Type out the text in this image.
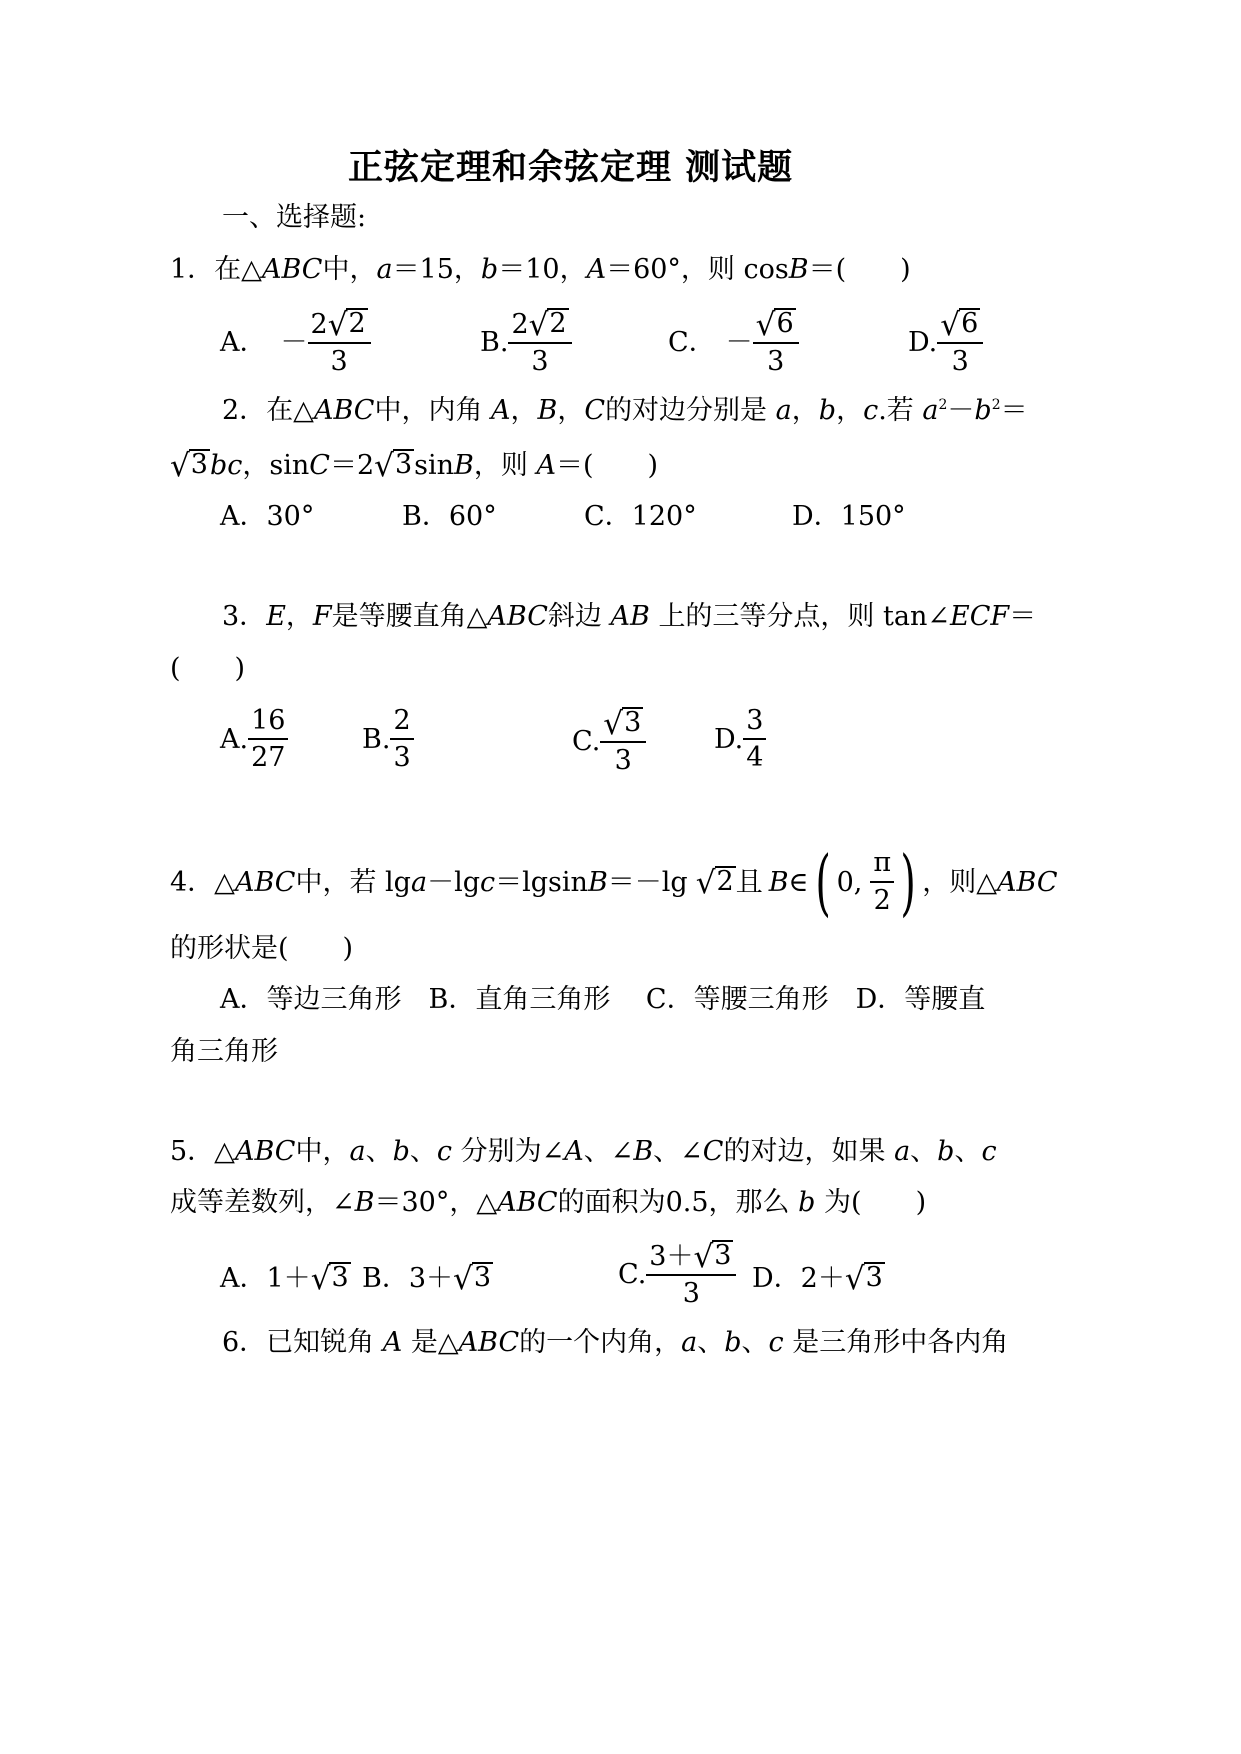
正弦定理和余弦定理 测试题
一、选择题:
1．在△ABC中，a＝15，b＝10，A＝60°，则 cosB＝(　　)
A． － $\frac{2 √ 2}{3}$	B. $\frac{2 √ 2}{3}$	C． － $\frac{√ 6}{3}$	D. $\frac{√ 6}{3}$
2．在△ABC中，内角 A，B，C的对边分别是 a，b，c.若 $a^2-b^2=$
√ 3 bc，sinC＝2 √ 3 sinB，则 A＝(　　)
A．30°	B．60°	C．120°	D．150°
3．E，F是等腰直角△ABC斜边 AB 上的三等分点，则 tan∠ECF＝
(　　)
A. $\frac{16}{27}$	B. $\frac{2}{3}$	C. $\frac{√ 3}{3}$	D. $\frac{3}{4}$
4．△ ABC 中，若 lg a －lg c ＝lgsin B ＝－lg √ 2 且 B ∈ ( 0, $\frac{\pi}{2}$ ) ，则△ ABC
的形状是(　　)
A．等边三角形　B．直角三角形　 C．等腰三角形　D．等腰直
角三角形
5．△ABC中，a、b、c 分别为∠A、∠B、∠C的对边，如果 a、b、c
成等差数列，∠B＝30°，△ABC的面积为0.5，那么 b 为(　　)
A．1＋ √ 3 B．3＋ √ 3	C. $\frac{3+ √ 3}{3}$ D．2＋ √ 3
6．已知锐角 A 是△ABC的一个内角，a、b、c 是三角形中各内角
